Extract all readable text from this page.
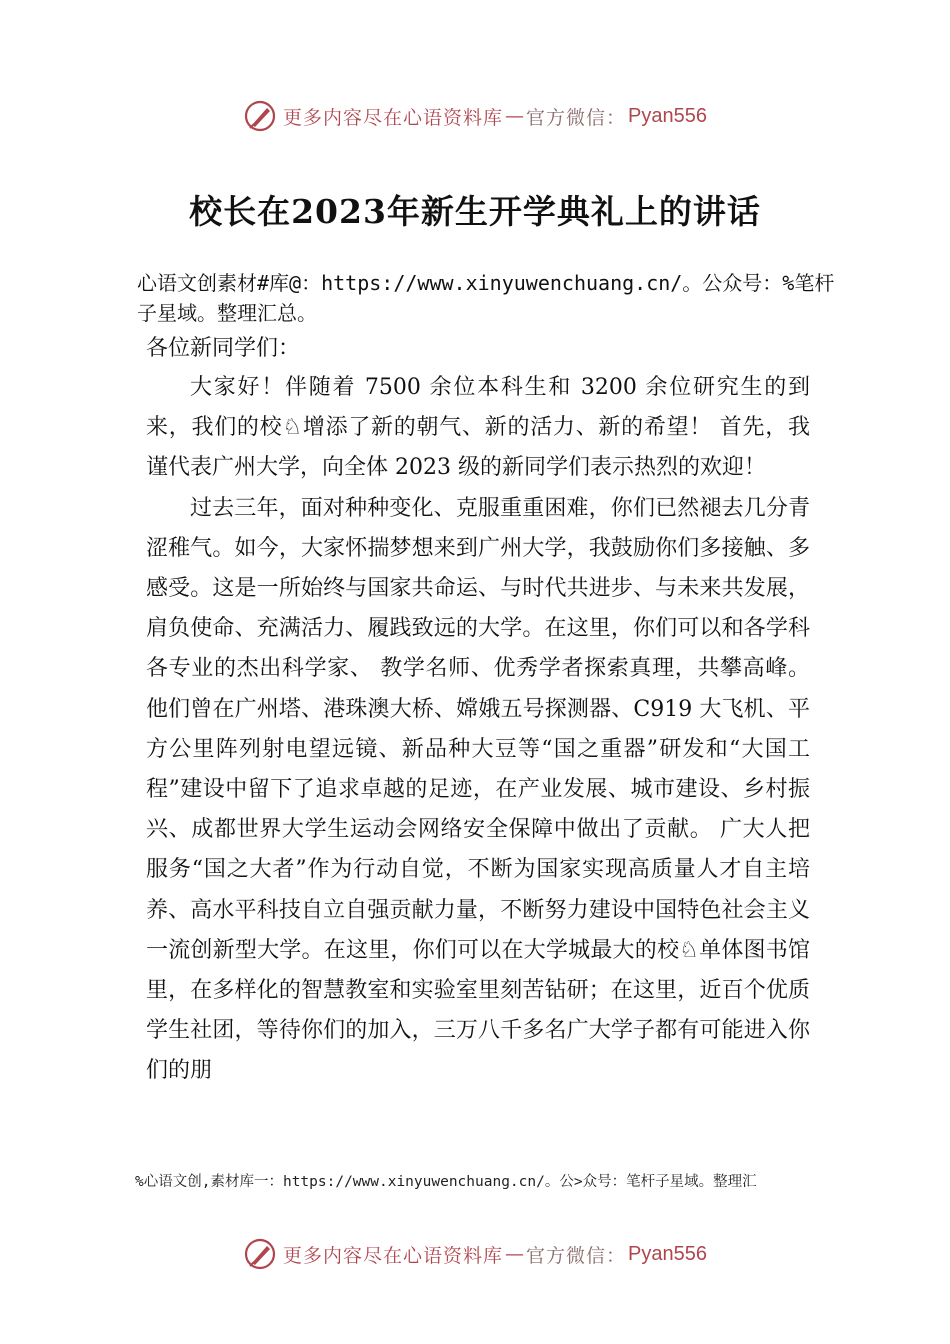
更多内容尽在心语资料库 — 官方微信： Pyan556
校长在2023年新生开学典礼上的讲话
心语文创素材#库@：https://www.xinyuwenchuang.cn/。公众号：%笔杆子星域。整理汇总。
各位新同学们：

大家好！伴随着 7500 余位本科生和 3200 余位研究生的到来，我们的校♘增添了新的朝气、新的活力、新的希望！ 首先，我谨代表广州大学，向全体 2023 级的新同学们表示热烈的欢迎！

过去三年，面对种种变化、克服重重困难，你们已然褪去几分青涩稚气。如今，大家怀揣梦想来到广州大学，我鼓励你们多接触、多感受。这是一所始终与国家共命运、与时代共进步、与未来共发展，肩负使命、充满活力、履践致远的大学。在这里，你们可以和各学科各专业的杰出科学家、 教学名师、优秀学者探索真理，共攀高峰。他们曾在广州塔、港珠澳大桥、嫦娥五号探测器、C919 大飞机、平方公里阵列射电望远镜、新品种大豆等“国之重器”研发和“大国工程”建设中留下了追求卓越的足迹，在产业发展、城市建设、乡村振兴、成都世界大学生运动会网络安全保障中做出了贡献。 广大人把服务“国之大者”作为行动自觉，不断为国家实现高质量人才自主培养、高水平科技自立自强贡献力量，不断努力建设中国特色社会主义一流创新型大学。在这里，你们可以在大学城最大的校♘单体图书馆里，在多样化的智慧教室和实验室里刻苦钻研；在这里，近百个优质学生社团，等待你们的加入，三万八千多名广大学子都有可能进入你们的朋

%心语文创,素材库一：https://www.xinyuwenchuang.cn/。公>众号：笔杆子星域。整理汇
更多内容尽在心语资料库 — 官方微信： Pyan556
